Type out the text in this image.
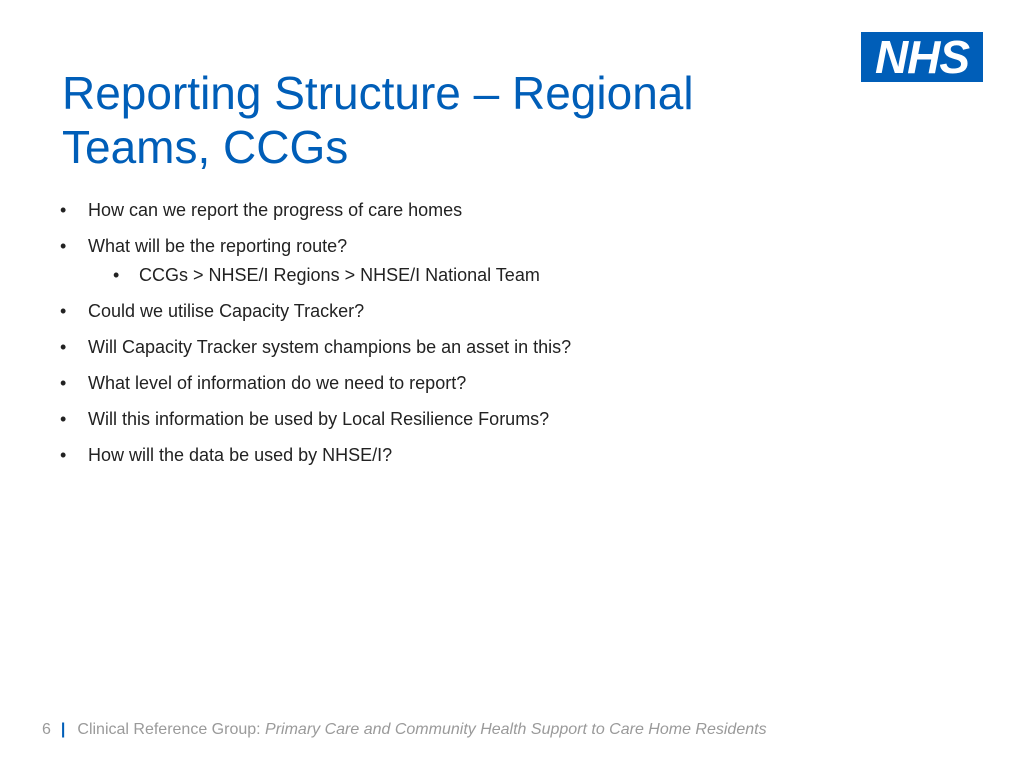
NHS
Reporting Structure – Regional Teams, CCGs
• How can we report the progress of care homes
• What will be the reporting route?
• CCGs > NHSE/I Regions > NHSE/I National Team
• Could we utilise Capacity Tracker?
• Will Capacity Tracker system champions be an asset in this?
• What level of information do we need to report?
• Will this information be used by Local Resilience Forums?
• How will the data be used by NHSE/I?
6 | Clinical Reference Group: Primary Care and Community Health Support to Care Home Residents
